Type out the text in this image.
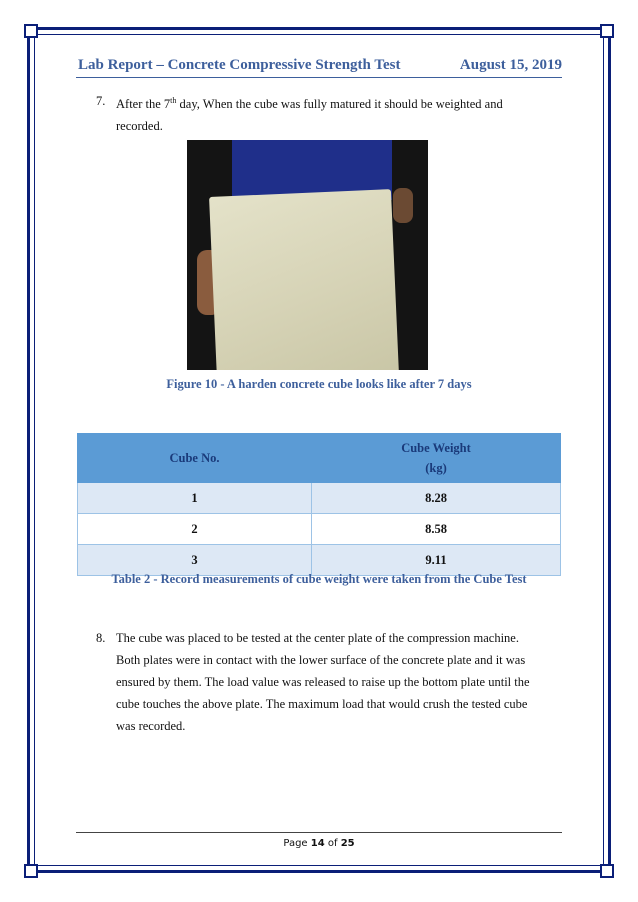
Lab Report – Concrete Compressive Strength Test	August 15, 2019
7. After the 7th day, When the cube was fully matured it should be weighted and recorded.
Figure 10 - A harden concrete cube looks like after 7 days
Cube No.	Cube Weight
(kg)

1	8.28
2	8.58
3	9.11
Table 2 - Record measurements of cube weight were taken from the Cube Test
8. The cube was placed to be tested at the center plate of the compression machine. Both plates were in contact with the lower surface of the concrete plate and it was ensured by them. The load value was released to raise up the bottom plate until the cube touches the above plate. The maximum load that would crush the tested cube was recorded.
Page 14 of 25
